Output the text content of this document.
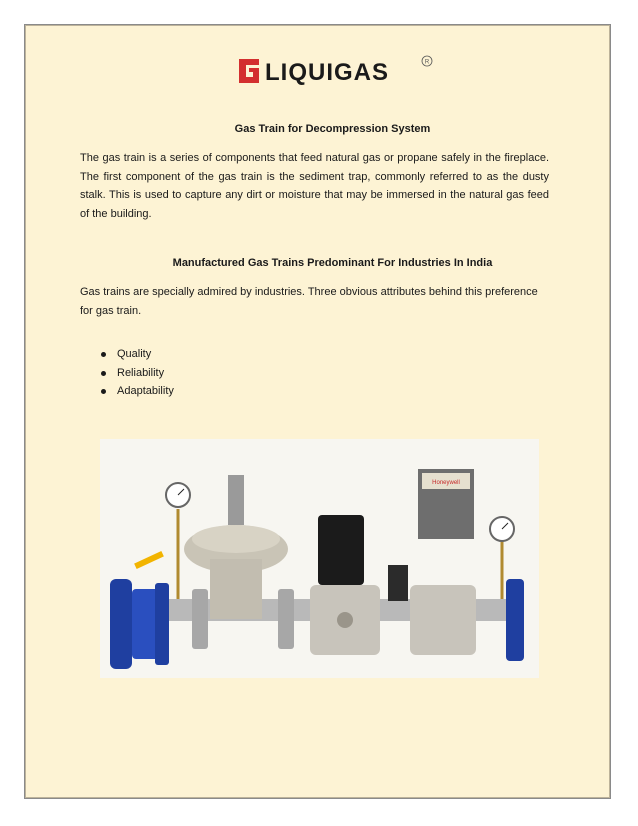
LIQUIGAS	R
Gas Train for Decompression System
The gas train is a series of components that feed natural gas or propane safely in the fireplace. The first component of the gas train is the sediment trap, commonly referred to as the dusty stalk. This is used to capture any dirt or moisture that may be immersed in the natural gas feed of the building.
Manufactured Gas Trains Predominant For Industries In India
Gas trains are specially admired by industries. Three obvious attributes behind this preference for gas train.
Quality
Reliability
Adaptability
Honeywell
